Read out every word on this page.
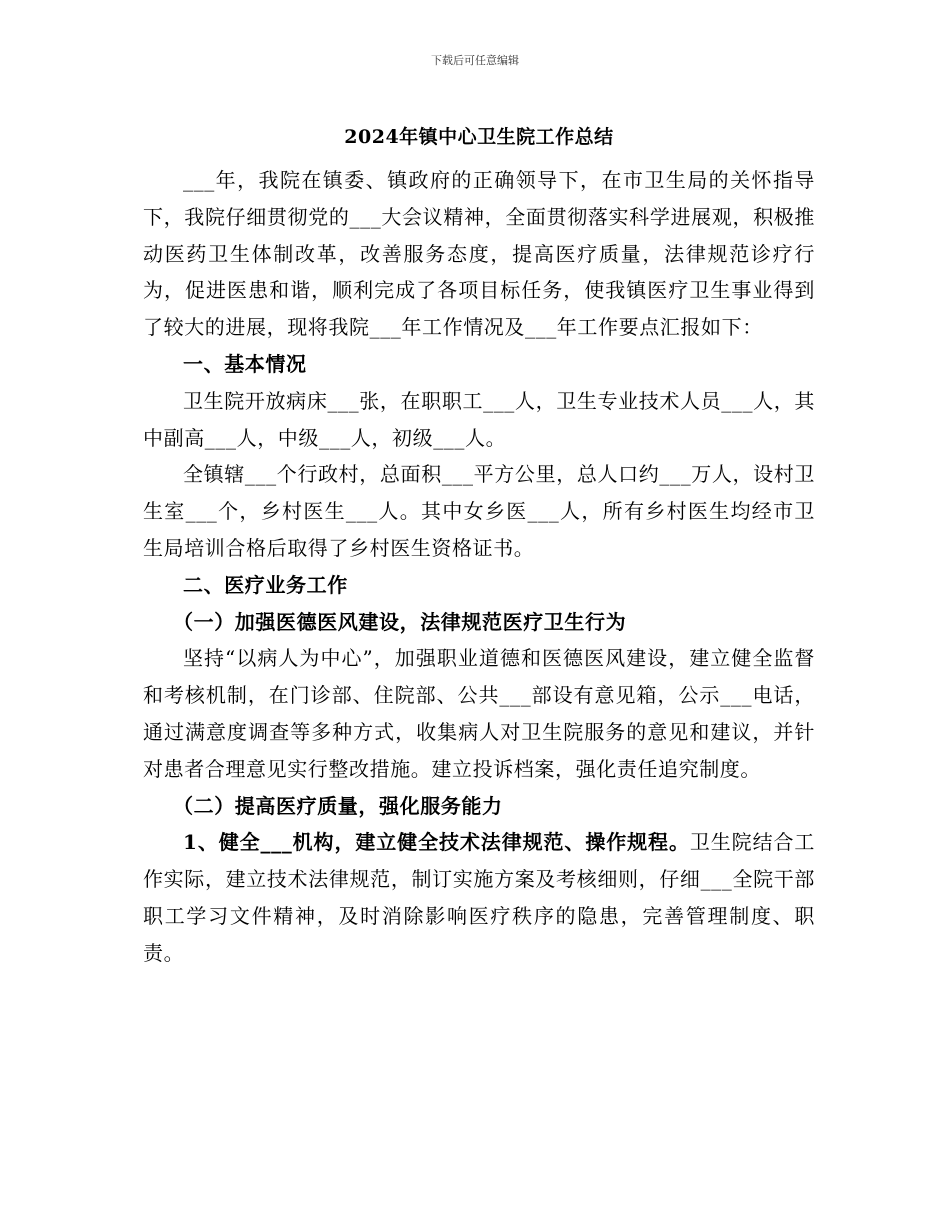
下载后可任意编辑
2024年镇中心卫生院工作总结

___年，我院在镇委、镇政府的正确领导下，在市卫生局的关怀指导下，我院仔细贯彻党的___大会议精神，全面贯彻落实科学进展观，积极推动医药卫生体制改革，改善服务态度，提高医疗质量，法律规范诊疗行为，促进医患和谐，顺利完成了各项目标任务，使我镇医疗卫生事业得到了较大的进展，现将我院___年工作情况及___年工作要点汇报如下：

一、基本情况

卫生院开放病床___张，在职职工___人，卫生专业技术人员___人，其中副高___人，中级___人，初级___人。

全镇辖___个行政村，总面积___平方公里，总人口约___万人，设村卫生室___个，乡村医生___人。其中女乡医___人，所有乡村医生均经市卫生局培训合格后取得了乡村医生资格证书。

二、医疗业务工作

（一）加强医德医风建设，法律规范医疗卫生行为

坚持“以病人为中心”，加强职业道德和医德医风建设，建立健全监督和考核机制，在门诊部、住院部、公共___部设有意见箱，公示___电话，通过满意度调查等多种方式，收集病人对卫生院服务的意见和建议，并针对患者合理意见实行整改措施。建立投诉档案，强化责任追究制度。

（二）提高医疗质量，强化服务能力

1、健全___机构，建立健全技术法律规范、操作规程。卫生院结合工作实际，建立技术法律规范，制订实施方案及考核细则，仔细___全院干部职工学习文件精神，及时消除影响医疗秩序的隐患，完善管理制度、职责。
